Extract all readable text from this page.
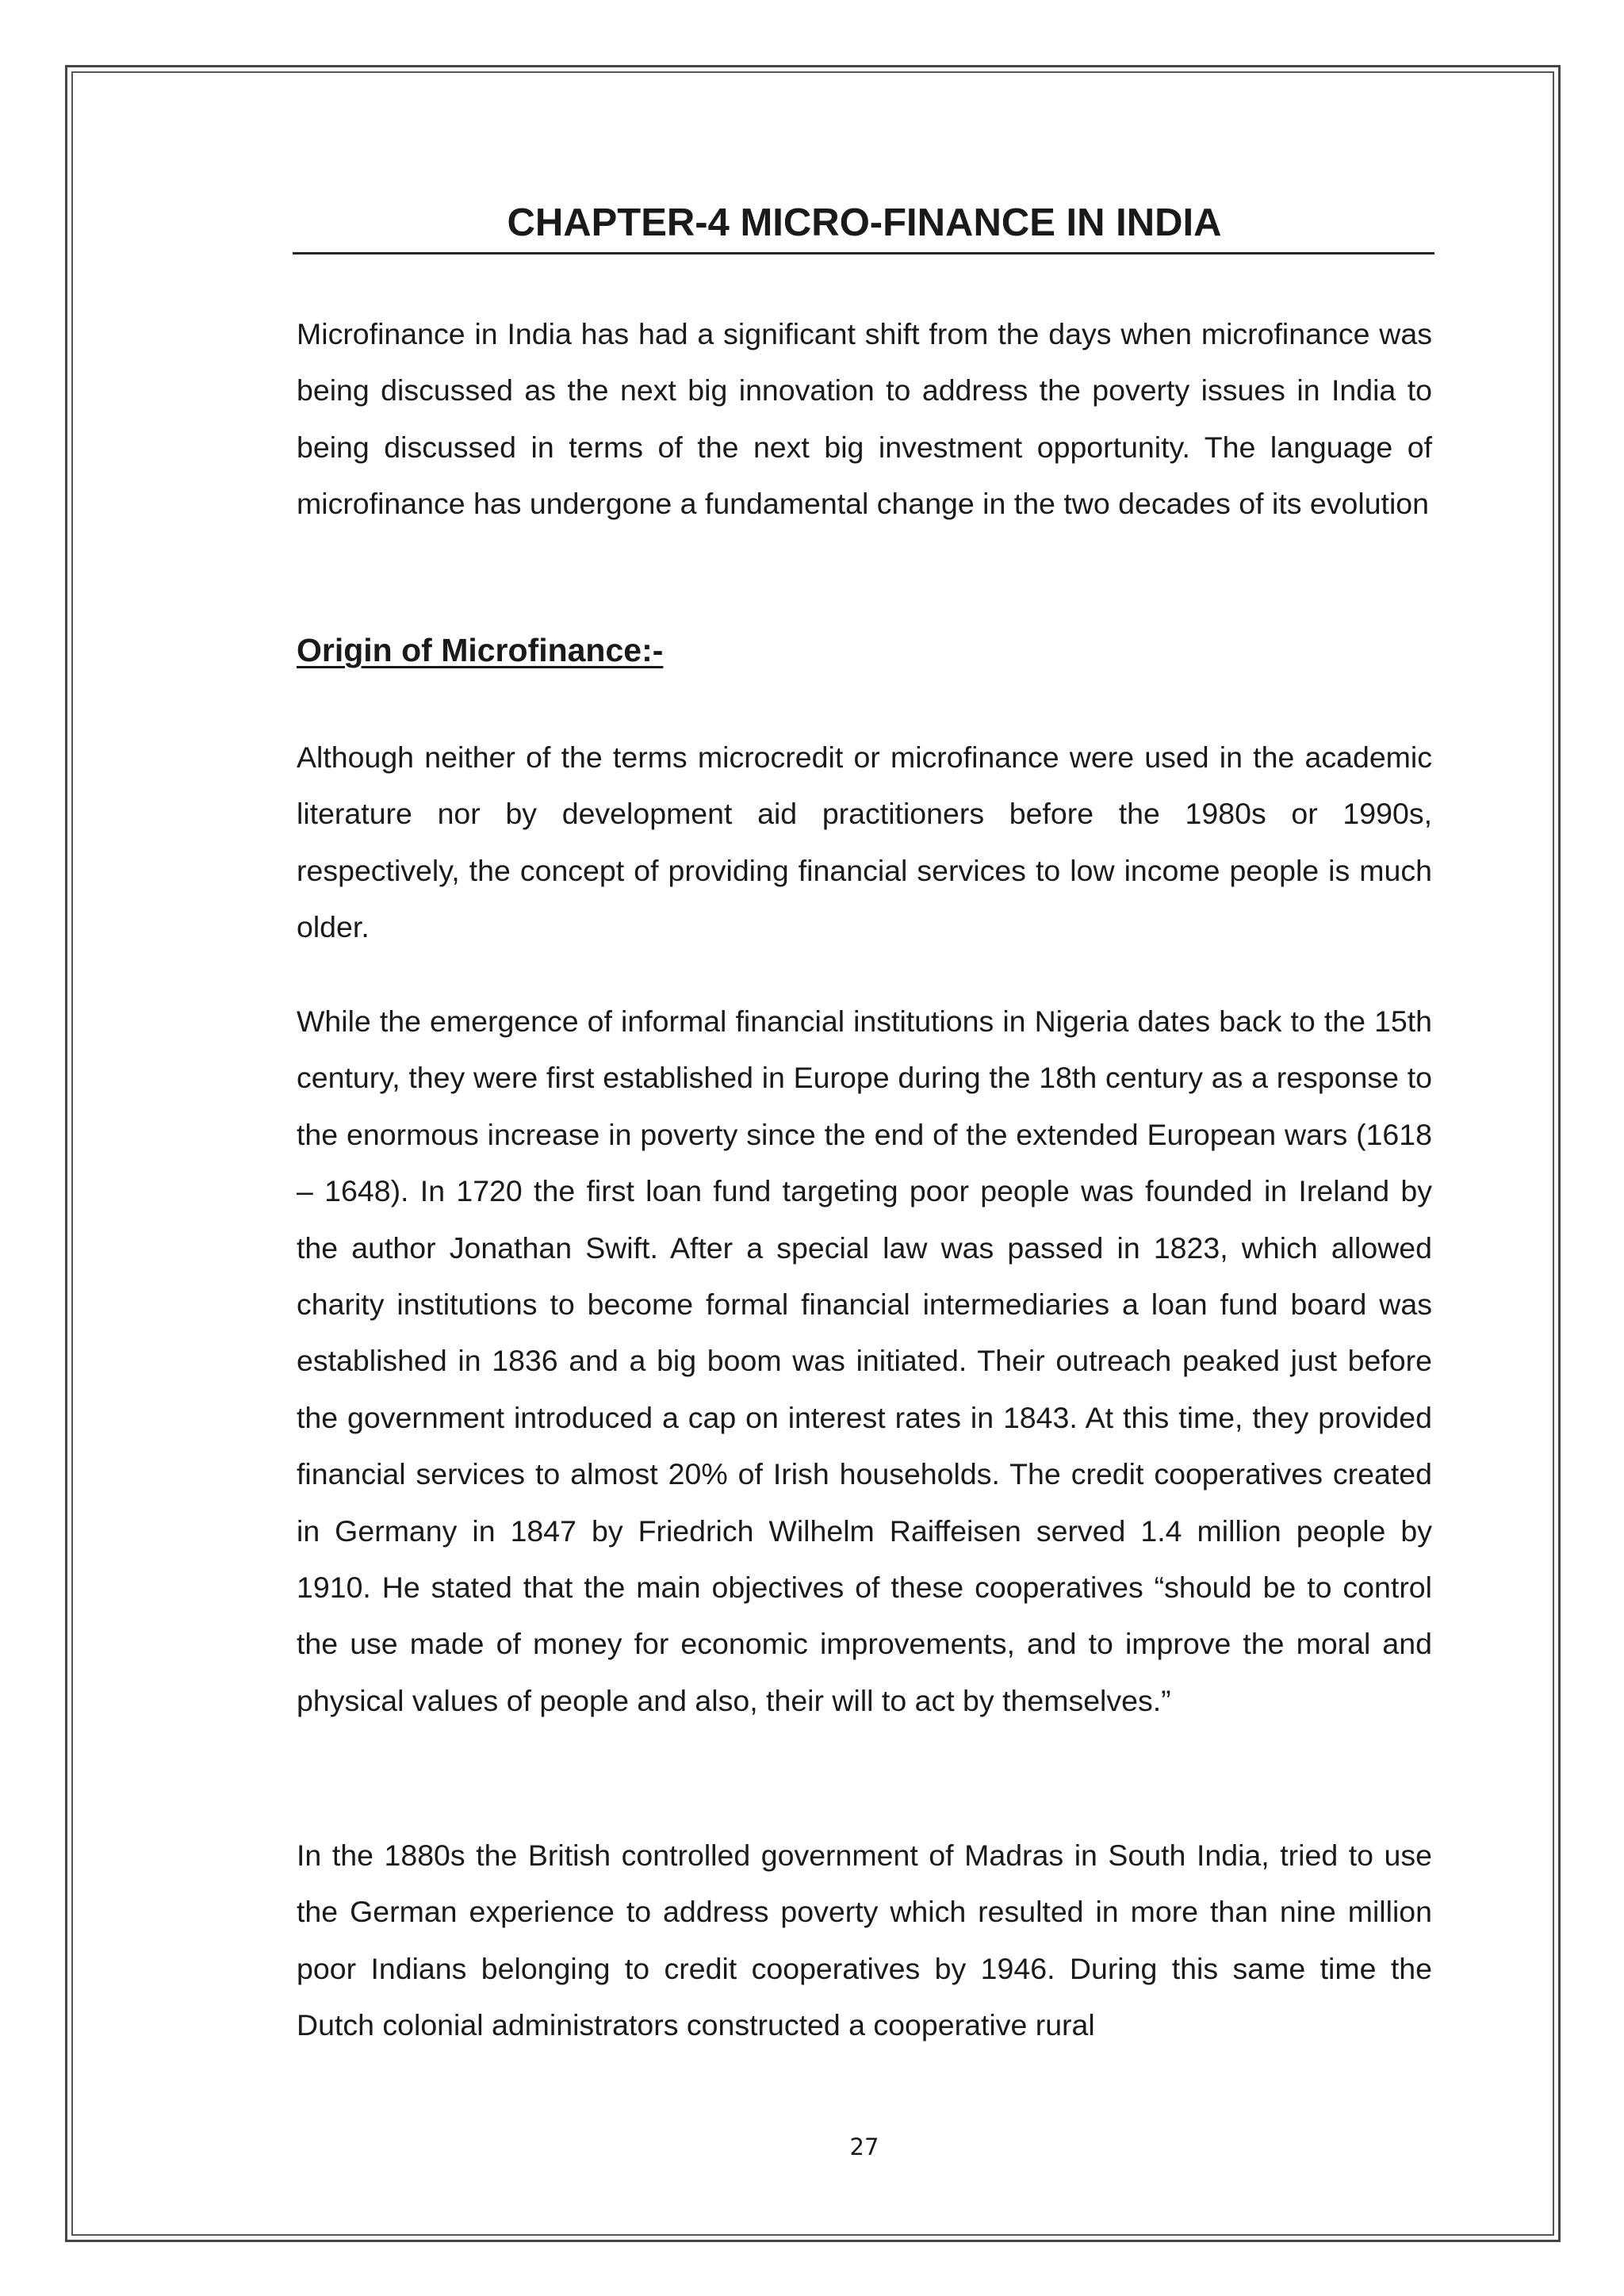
CHAPTER-4 MICRO-FINANCE IN INDIA

Microfinance in India has had a significant shift from the days when microfinance was being discussed as the next big innovation to address the poverty issues in India to being discussed in terms of the next big investment opportunity. The language of microfinance has undergone a fundamental change in the two decades of its evolution

Origin of Microfinance:-

Although neither of the terms microcredit or microfinance were used in the academic literature nor by development aid practitioners before the 1980s or 1990s, respectively, the concept of providing financial services to low income people is much older.

While the emergence of informal financial institutions in Nigeria dates back to the 15th century, they were first established in Europe during the 18th century as a response to the enormous increase in poverty since the end of the extended European wars (1618 – 1648). In 1720 the first loan fund targeting poor people was founded in Ireland by the author Jonathan Swift. After a special law was passed in 1823, which allowed charity institutions to become formal financial intermediaries a loan fund board was established in 1836 and a big boom was initiated. Their outreach peaked just before the government introduced a cap on interest rates in 1843. At this time, they provided financial services to almost 20% of Irish households. The credit cooperatives created in Germany in 1847 by Friedrich Wilhelm Raiffeisen served 1.4 million people by 1910. He stated that the main objectives of these cooperatives “should be to control the use made of money for economic improvements, and to improve the moral and physical values of people and also, their will to act by themselves.”

In the 1880s the British controlled government of Madras in South India, tried to use the German experience to address poverty which resulted in more than nine million poor Indians belonging to credit cooperatives by 1946. During this same time the Dutch colonial administrators constructed a cooperative rural

27
